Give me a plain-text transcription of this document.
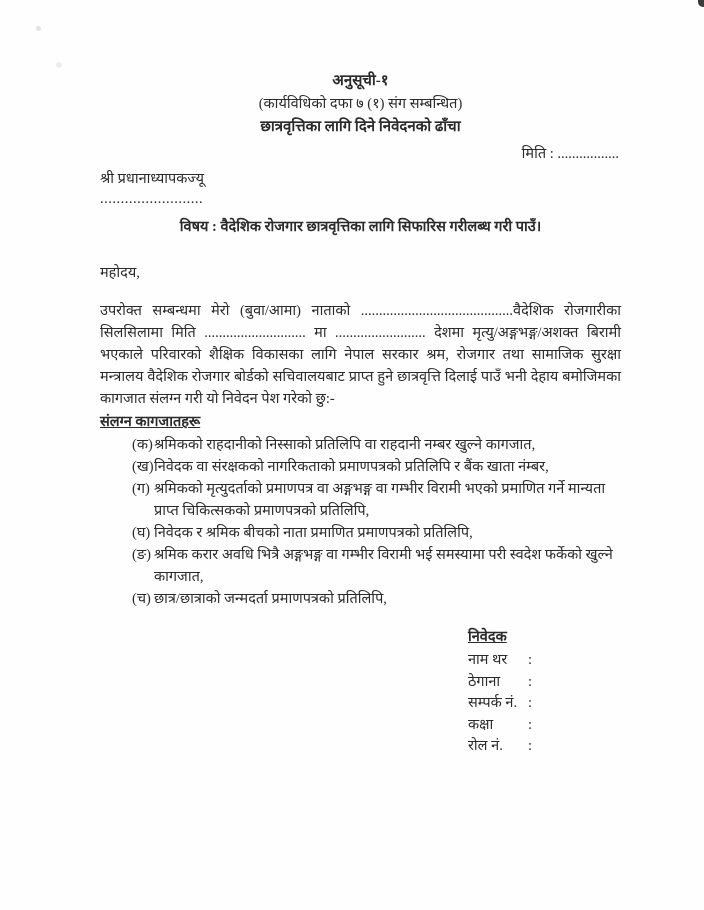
अनुसूची-१
(कार्यविधिको दफा ७ (१) संग सम्बन्धित)
छात्रवृत्तिका लागि दिने निवेदनको ढाँचा
मिति : .................
श्री प्रधानाध्यापकज्यू
.........................
विषय : वैदेशिक रोजगार छात्रवृत्तिका लागि सिफारिस गरीलब्ध गरी पाउँ।
महोदय,

उपरोक्त सम्बन्धमा मेरो (बुवा/आमा) नाताको ..........................................वैदेशिक रोजगारीका सिलसिलामा मिति ............................ मा ......................... देशमा मृत्यु/अङ्गभङ्ग/अशक्त बिरामी भएकाले परिवारको शैक्षिक विकासका लागि नेपाल सरकार श्रम, रोजगार तथा सामाजिक सुरक्षा मन्त्रालय वैदेशिक रोजगार बोर्डको सचिवालयबाट प्राप्त हुने छात्रवृत्ति दिलाई पाउँ भनी देहाय बमोजिमका कागजात संलग्न गरी यो निवेदन पेश गरेको छु:-

संलग्न कागजातहरू
(क) श्रमिकको राहदानीको निस्साको प्रतिलिपि वा राहदानी नम्बर खुल्ने कागजात,
(ख) निवेदक वा संरक्षकको नागरिकताको प्रमाणपत्रको प्रतिलिपि र बैंक खाता नंम्बर,
(ग) श्रमिकको मृत्युदर्ताको प्रमाणपत्र वा अङ्गभङ्ग वा गम्भीर विरामी भएको प्रमाणित गर्ने मान्यता प्राप्त चिकित्सकको प्रमाणपत्रको प्रतिलिपि,
(घ) निवेदक र श्रमिक बीचको नाता प्रमाणित प्रमाणपत्रको प्रतिलिपि,
(ङ) श्रमिक करार अवधि भित्रै अङ्गभङ्ग वा गम्भीर विरामी भई समस्यामा परी स्वदेश फर्केको खुल्ने कागजात,
(च) छात्र/छात्राको जन्मदर्ता प्रमाणपत्रको प्रतिलिपि,
निवेदक
नाम थर	:
ठेगाना	:
सम्पर्क नं. :
कक्षा	:
रोल नं.	:
